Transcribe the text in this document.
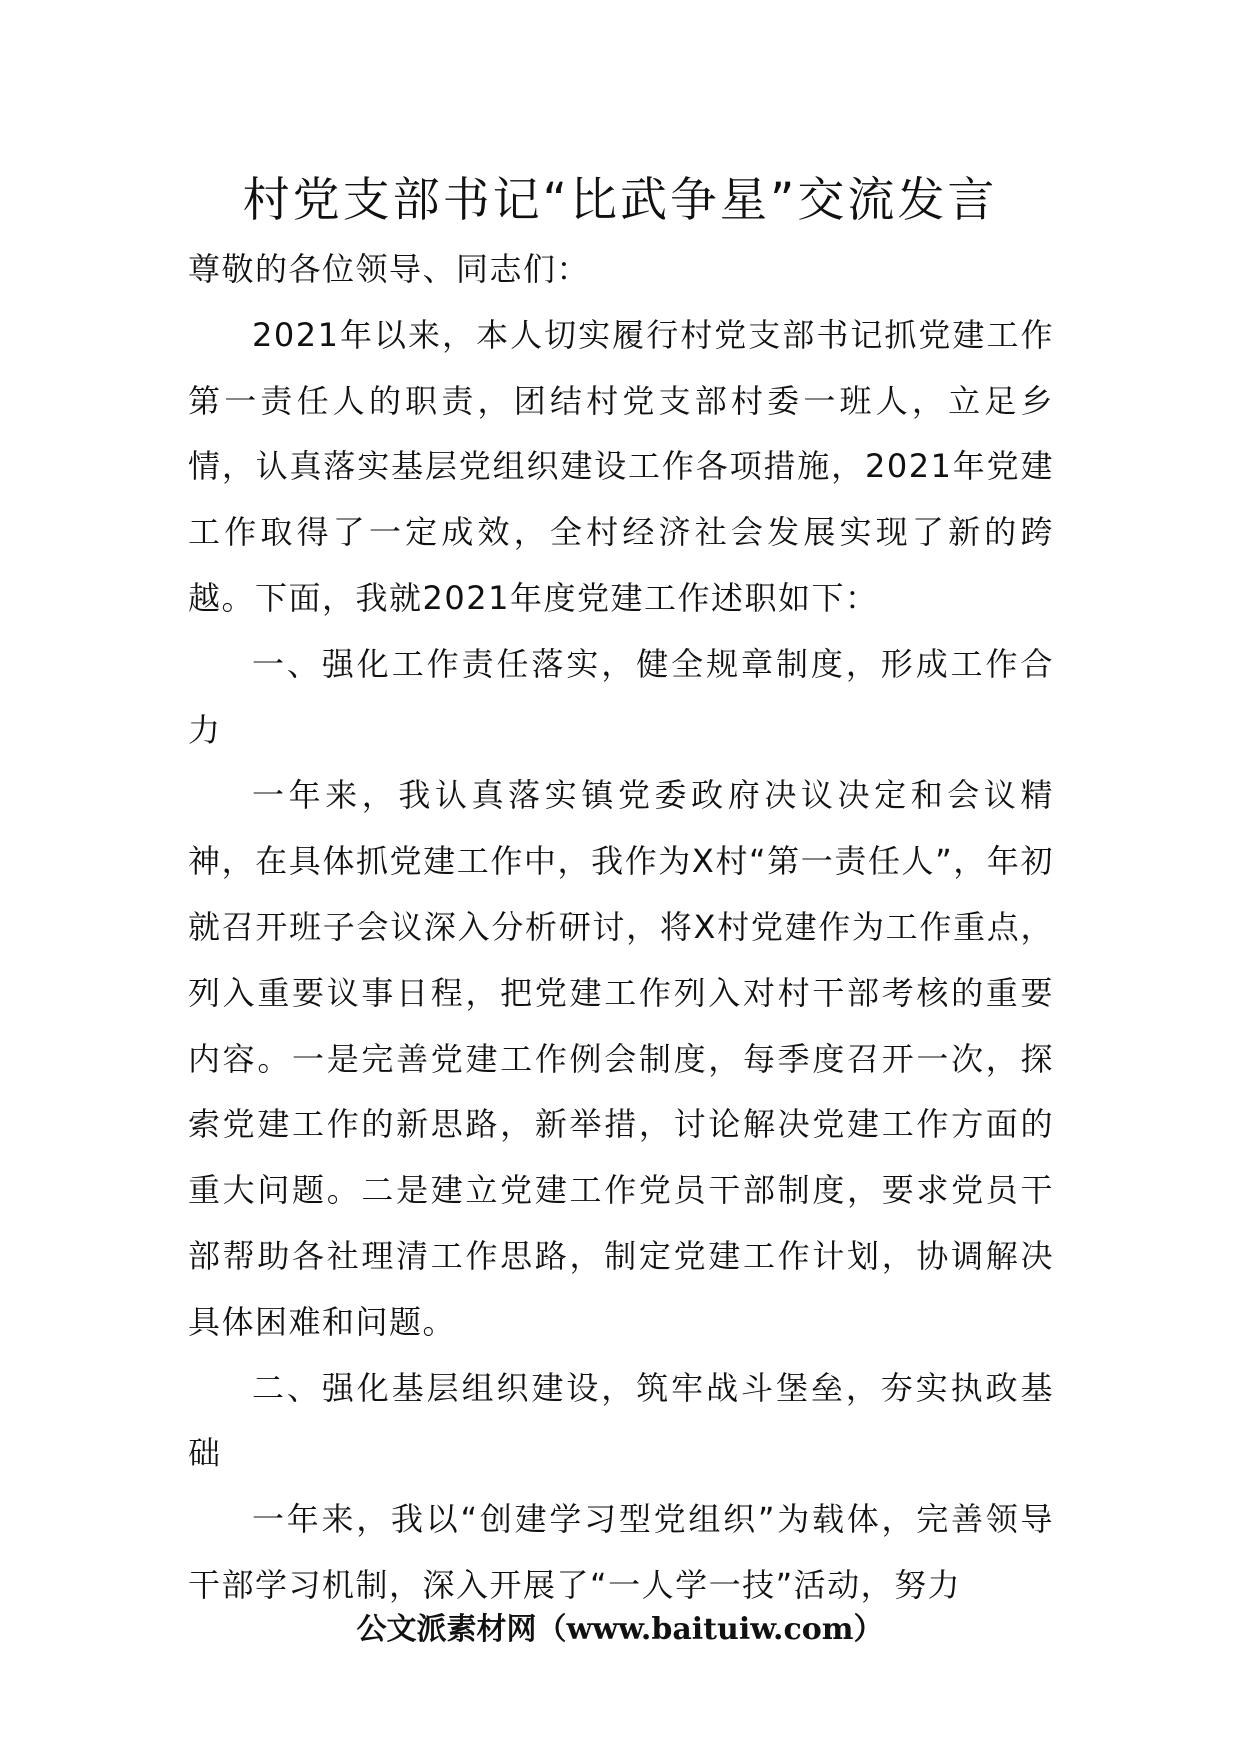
村党支部书记“比武争星”交流发言

尊敬的各位领导、同志们：

2021年以来，本人切实履行村党支部书记抓党建工作第一责任人的职责，团结村党支部村委一班人，立足乡情，认真落实基层党组织建设工作各项措施，2021年党建工作取得了一定成效，全村经济社会发展实现了新的跨越。下面，我就2021年度党建工作述职如下：

一、强化工作责任落实，健全规章制度，形成工作合力

一年来，我认真落实镇党委政府决议决定和会议精神，在具体抓党建工作中，我作为X村“第一责任人”，年初就召开班子会议深入分析研讨，将X村党建作为工作重点，列入重要议事日程，把党建工作列入对村干部考核的重要内容。一是完善党建工作例会制度，每季度召开一次，探索党建工作的新思路，新举措，讨论解决党建工作方面的重大问题。二是建立党建工作党员干部制度，要求党员干部帮助各社理清工作思路，制定党建工作计划，协调解决具体困难和问题。

二、强化基层组织建设，筑牢战斗堡垒，夯实执政基础

一年来，我以“创建学习型党组织”为载体，完善领导干部学习机制，深入开展了“一人学一技”活动，努力

公文派素材网（www.baituiw.com）
